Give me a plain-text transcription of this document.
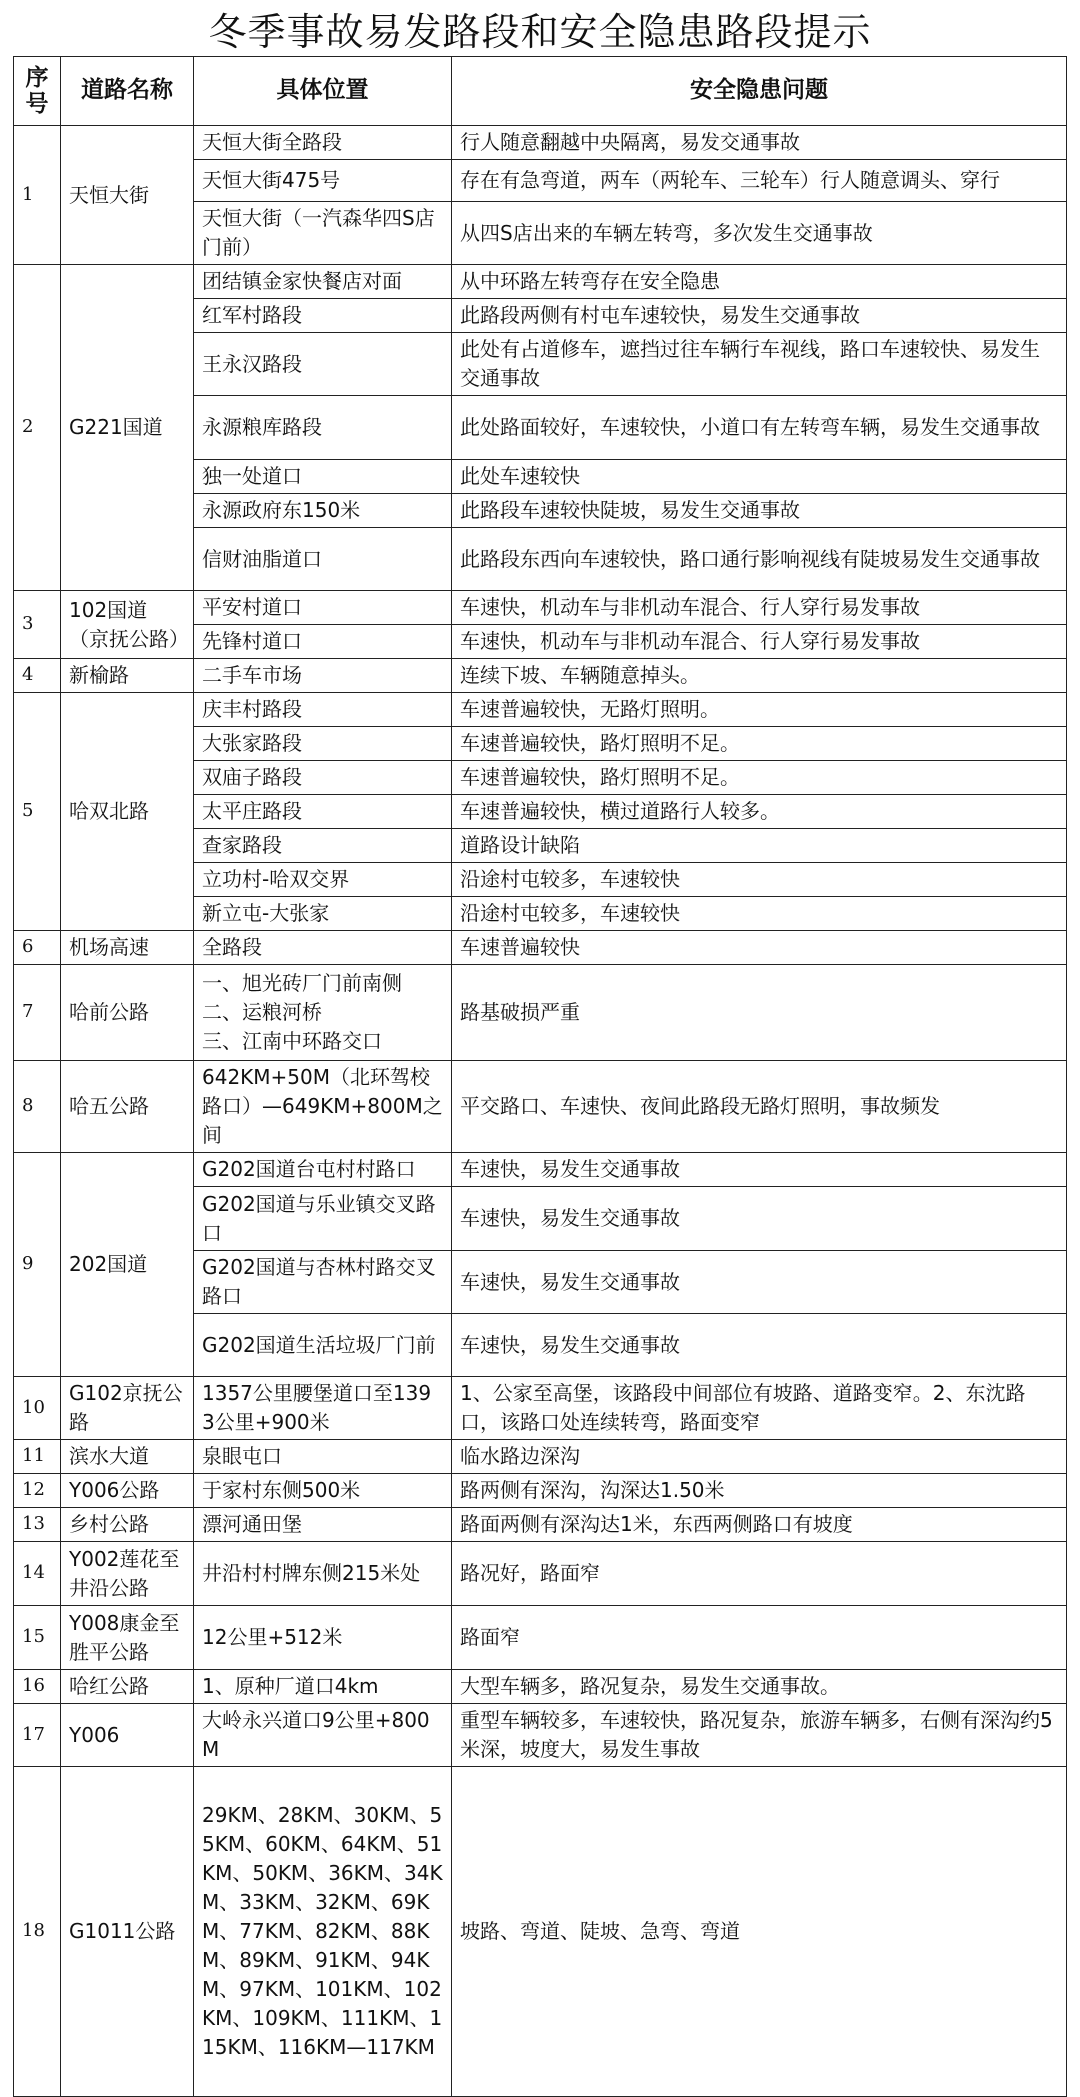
冬季事故易发路段和安全隐患路段提示
序
号	道路名称	具体位置	安全隐患问题
1	天恒大街	天恒大街全路段	行人随意翻越中央隔离，易发交通事故
		天恒大街475号	存在有急弯道，两车（两轮车、三轮车）行人随意调头、穿行
		天恒大街（一汽森华四S店门前）	从四S店出来的车辆左转弯，多次发生交通事故
2	G221国道	团结镇金家快餐店对面	从中环路左转弯存在安全隐患
		红军村路段	此路段两侧有村屯车速较快，易发生交通事故
		王永汉路段	此处有占道修车，遮挡过往车辆行车视线，路口车速较快、易发生交通事故
		永源粮库路段	此处路面较好，车速较快，小道口有左转弯车辆，易发生交通事故
		独一处道口	此处车速较快
		永源政府东150米	此路段车速较快陡坡，易发生交通事故
		信财油脂道口	此路段东西向车速较快，路口通行影响视线有陡坡易发生交通事故
3	102国道（京抚公路）	平安村道口	车速快，机动车与非机动车混合、行人穿行易发事故
		先锋村道口	车速快，机动车与非机动车混合、行人穿行易发事故
4	新榆路	二手车市场	连续下坡、车辆随意掉头。
5	哈双北路	庆丰村路段	车速普遍较快，无路灯照明。
		大张家路段	车速普遍较快，路灯照明不足。
		双庙子路段	车速普遍较快，路灯照明不足。
		太平庄路段	车速普遍较快，横过道路行人较多。
		查家路段	道路设计缺陷
		立功村-哈双交界	沿途村屯较多，车速较快
		新立屯-大张家	沿途村屯较多，车速较快
6	机场高速	全路段	车速普遍较快
7	哈前公路	一、旭光砖厂门前南侧
二、运粮河桥
三、江南中环路交口	路基破损严重
8	哈五公路	642KM+50M（北环驾校路口）—649KM+800M之间	平交路口、车速快、夜间此路段无路灯照明，事故频发
9	202国道	G202国道台屯村村路口	车速快，易发生交通事故
		G202国道与乐业镇交叉路口	车速快，易发生交通事故
		G202国道与杏林村路交叉路口	车速快，易发生交通事故
		G202国道生活垃圾厂门前	车速快，易发生交通事故
10	G102京抚公路	1357公里腰堡道口至1393公里+900米	1、公家至高堡，该路段中间部位有坡路、道路变窄。2、东沈路口，该路口处连续转弯，路面变窄
11	滨水大道	泉眼屯口	临水路边深沟
12	Y006公路	于家村东侧500米	路两侧有深沟，沟深达1.50米
13	乡村公路	漂河通田堡	路面两侧有深沟达1米，东西两侧路口有坡度
14	Y002莲花至井沿公路	井沿村村牌东侧215米处	路况好，路面窄
15	Y008康金至胜平公路	12公里+512米	路面窄
16	哈红公路	1、原种厂道口4km	大型车辆多，路况复杂，易发生交通事故。
17	Y006	大岭永兴道口9公里+800M	重型车辆较多，车速较快，路况复杂，旅游车辆多，右侧有深沟约5米深，坡度大，易发生事故
18	G1011公路	29KM、28KM、30KM、55KM、60KM、64KM、51KM、50KM、36KM、34KM、33KM、32KM、69KM、77KM、82KM、88KM、89KM、91KM、94KM、97KM、101KM、102KM、109KM、111KM、115KM、116KM—117KM	坡路、弯道、陡坡、急弯、弯道
